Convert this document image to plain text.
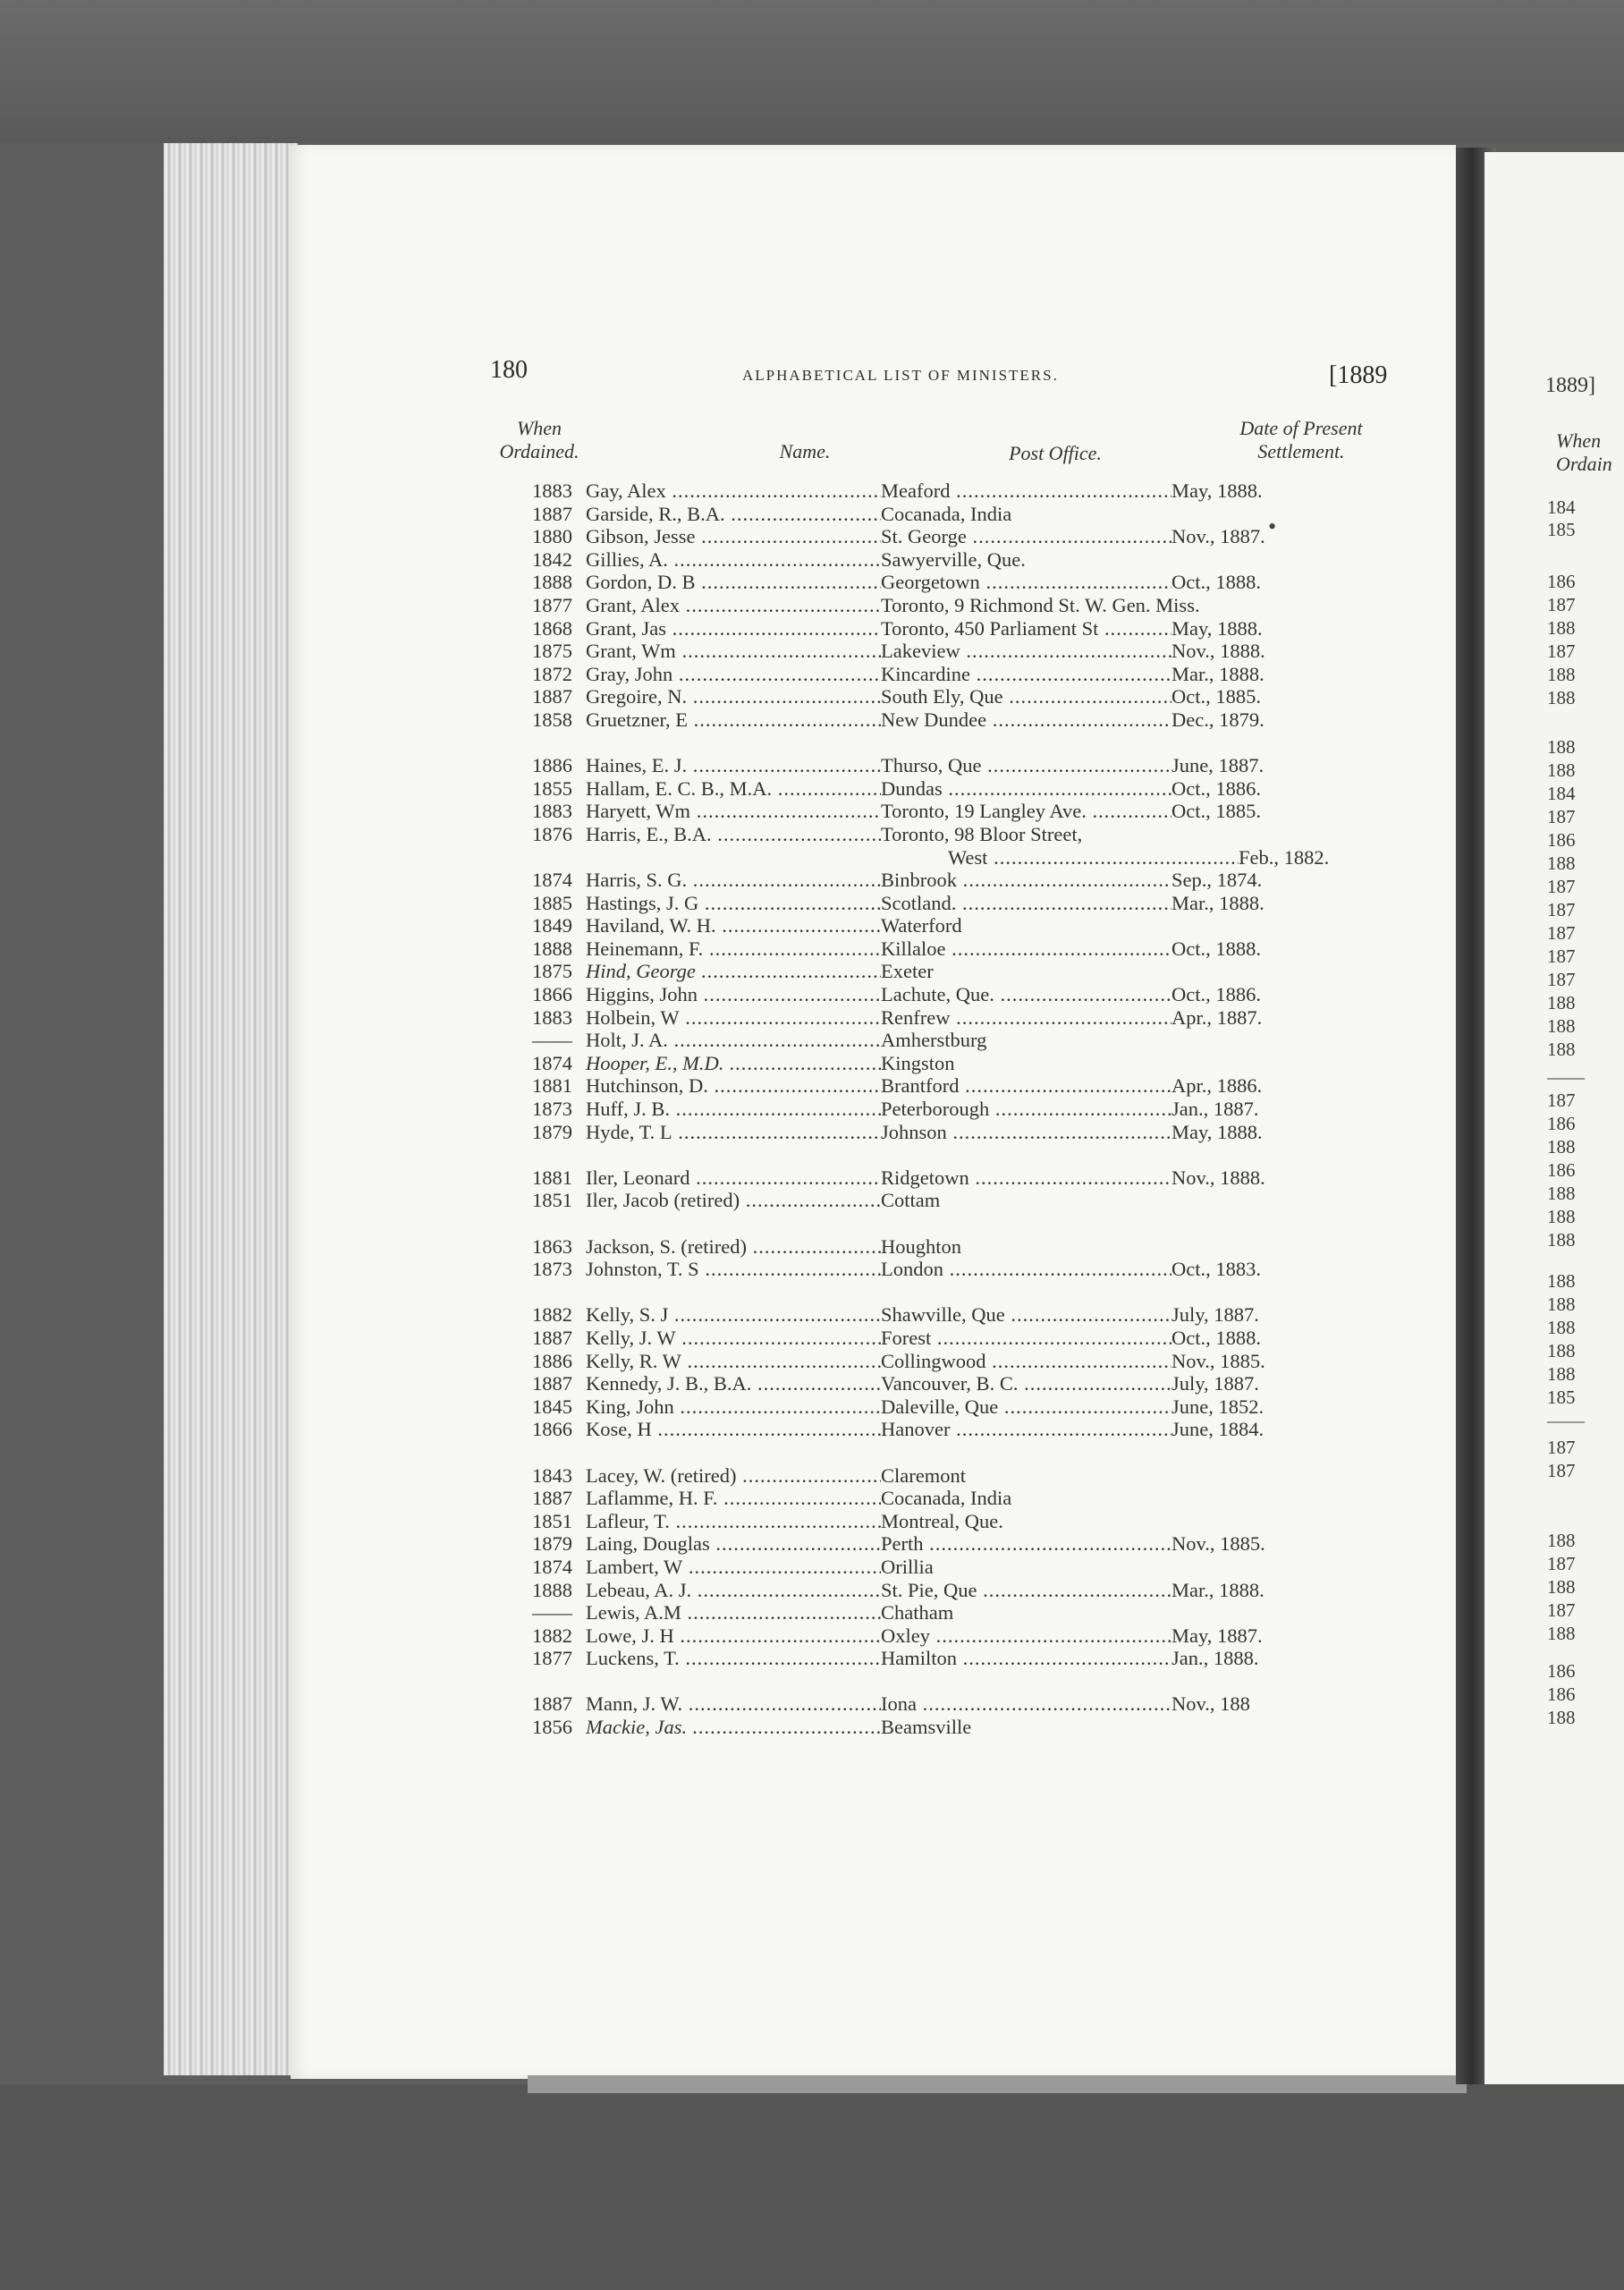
1889]
When Ordain
184
185
186
187
188
187
188
188
188
188
184
187
186
188
187
187
187
187
187
188
188
188
——
187
186
188
186
188
188
188
188
188
188
188
188
185
——
187
187
188
187
188
187
188
186
186
188
180	ALPHABETICAL LIST OF MINISTERS.	[1889
When Ordained.	Name.	Post Office.
Date of Present Settlement.
1883 Gay, Alex .....	Meaford .....	May, 1888.
1887 Garside, R., B.A. .....	Cocanada, India
1880 Gibson, Jesse .....	St. George .....	Nov., 1887.
1842 Gillies, A. .....	Sawyerville, Que.
1888 Gordon, D. B .....	Georgetown .....	Oct., 1888.
1877 Grant, Alex .....	Toronto, 9 Richmond St. W. Gen. Miss.
1868 Grant, Jas .....	Toronto, 450 Parliament St .....	May, 1888.
1875 Grant, Wm .....	Lakeview .....	Nov., 1888.
1872 Gray, John .....	Kincardine .....	Mar., 1888.
1887 Gregoire, N. .....	South Ely, Que .....	Oct., 1885.
1858 Gruetzner, E .....	New Dundee .....	Dec., 1879.
1886 Haines, E. J. .....	Thurso, Que .....	June, 1887.
1855 Hallam, E. C. B., M.A. .....	Dundas .....	Oct., 1886.
1883 Haryett, Wm .....	Toronto, 19 Langley Ave. .....	Oct., 1885.
1876 Harris, E., B.A. .....	Toronto, 98 Bloor Street,
West .....	Feb., 1882.
1874 Harris, S. G. .....	Binbrook .....	Sep., 1874.
1885 Hastings, J. G .....	Scotland. .....	Mar., 1888.
1849 Haviland, W. H. .....	Waterford
1888 Heinemann, F. .....	Killaloe .....	Oct., 1888.
1875 Hind, George .....	Exeter
1866 Higgins, John .....	Lachute, Que. .....	Oct., 1886.
1883 Holbein, W .....	Renfrew .....	Apr., 1887.
—— Holt, J. A. .....	Amherstburg
1874 Hooper, E., M.D. .....	Kingston
1881 Hutchinson, D. .....	Brantford .....	Apr., 1886.
1873 Huff, J. B. .....	Peterborough .....	Jan., 1887.
1879 Hyde, T. L .....	Johnson .....	May, 1888.
1881 Iler, Leonard .....	Ridgetown .....	Nov., 1888.
1851 Iler, Jacob (retired) .....	Cottam
1863 Jackson, S. (retired) .....	Houghton
1873 Johnston, T. S .....	London .....	Oct., 1883.
1882 Kelly, S. J .....	Shawville, Que .....	July, 1887.
1887 Kelly, J. W .....	Forest .....	Oct., 1888.
1886 Kelly, R. W .....	Collingwood .....	Nov., 1885.
1887 Kennedy, J. B., B.A. .....	Vancouver, B. C. .....	July, 1887.
1845 King, John .....	Daleville, Que .....	June, 1852.
1866 Kose, H .....	Hanover .....	June, 1884.
1843 Lacey, W. (retired) .....	Claremont
1887 Laflamme, H. F. .....	Cocanada, India
1851 Lafleur, T. .....	Montreal, Que.
1879 Laing, Douglas .....	Perth .....	Nov., 1885.
1874 Lambert, W .....	Orillia
1888 Lebeau, A. J. .....	St. Pie, Que .....	Mar., 1888.
—— Lewis, A.M .....	Chatham
1882 Lowe, J. H .....	Oxley .....	May, 1887.
1877 Luckens, T. .....	Hamilton .....	Jan., 1888.
1887 Mann, J. W. .....	Iona .....	Nov., 188
1856 Mackie, Jas. .....	Beamsville
•
